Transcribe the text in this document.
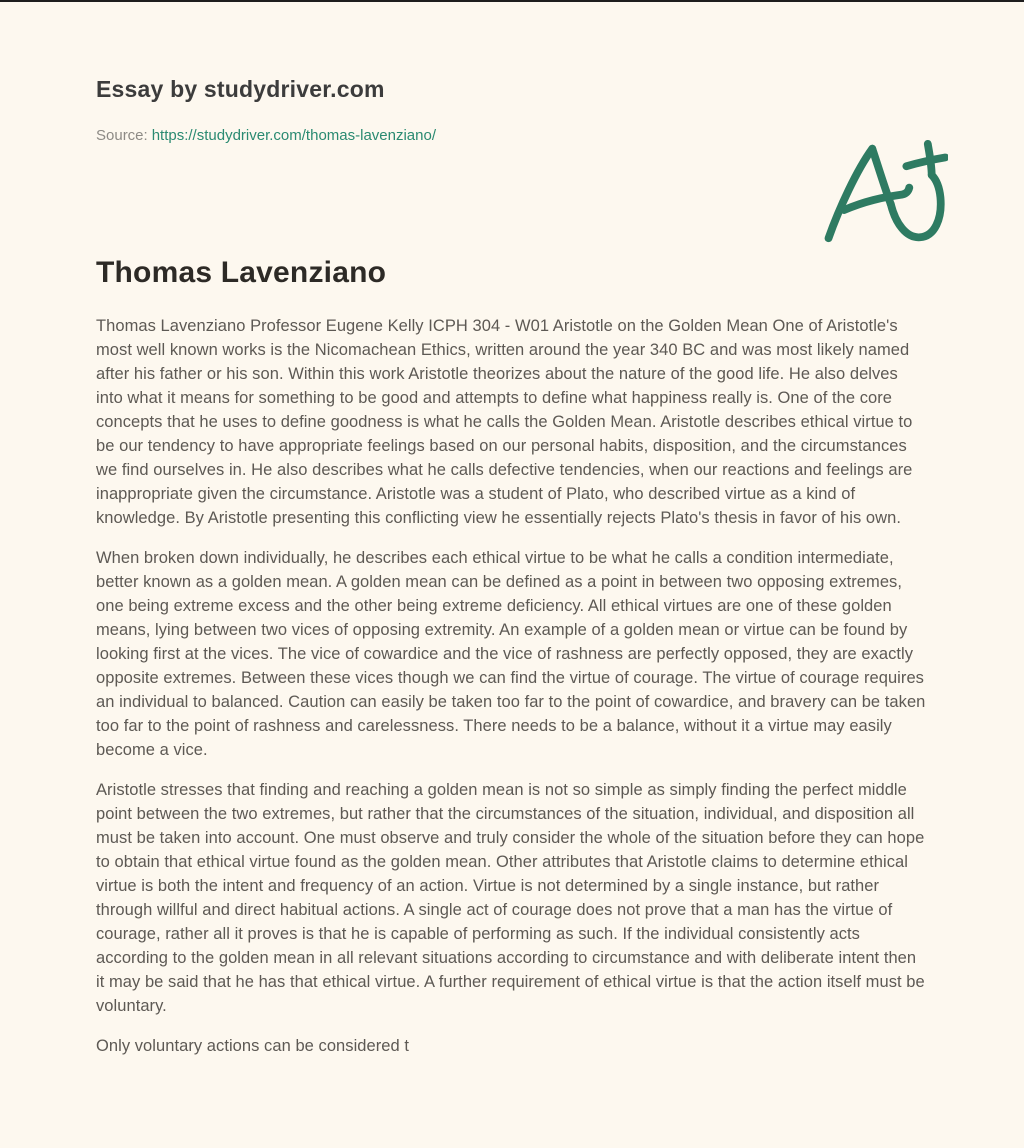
Essay by studydriver.com
Source: https://studydriver.com/thomas-lavenziano/
Thomas Lavenziano

Thomas Lavenziano Professor Eugene Kelly ICPH 304 - W01 Aristotle on the Golden Mean One of Aristotle's most well known works is the Nicomachean Ethics, written around the year 340 BC and was most likely named after his father or his son. Within this work Aristotle theorizes about the nature of the good life. He also delves into what it means for something to be good and attempts to define what happiness really is. One of the core concepts that he uses to define goodness is what he calls the Golden Mean. Aristotle describes ethical virtue to be our tendency to have appropriate feelings based on our personal habits, disposition, and the circumstances we find ourselves in. He also describes what he calls defective tendencies, when our reactions and feelings are inappropriate given the circumstance. Aristotle was a student of Plato, who described virtue as a kind of knowledge. By Aristotle presenting this conflicting view he essentially rejects Plato's thesis in favor of his own.

When broken down individually, he describes each ethical virtue to be what he calls a condition intermediate, better known as a golden mean. A golden mean can be defined as a point in between two opposing extremes, one being extreme excess and the other being extreme deficiency. All ethical virtues are one of these golden means, lying between two vices of opposing extremity. An example of a golden mean or virtue can be found by looking first at the vices. The vice of cowardice and the vice of rashness are perfectly opposed, they are exactly opposite extremes. Between these vices though we can find the virtue of courage. The virtue of courage requires an individual to balanced. Caution can easily be taken too far to the point of cowardice, and bravery can be taken too far to the point of rashness and carelessness. There needs to be a balance, without it a virtue may easily become a vice.

Aristotle stresses that finding and reaching a golden mean is not so simple as simply finding the perfect middle point between the two extremes, but rather that the circumstances of the situation, individual, and disposition all must be taken into account. One must observe and truly consider the whole of the situation before they can hope to obtain that ethical virtue found as the golden mean. Other attributes that Aristotle claims to determine ethical virtue is both the intent and frequency of an action. Virtue is not determined by a single instance, but rather through willful and direct habitual actions. A single act of courage does not prove that a man has the virtue of courage, rather all it proves is that he is capable of performing as such. If the individual consistently acts according to the golden mean in all relevant situations according to circumstance and with deliberate intent then it may be said that he has that ethical virtue. A further requirement of ethical virtue is that the action itself must be voluntary.

Only voluntary actions can be considered t
